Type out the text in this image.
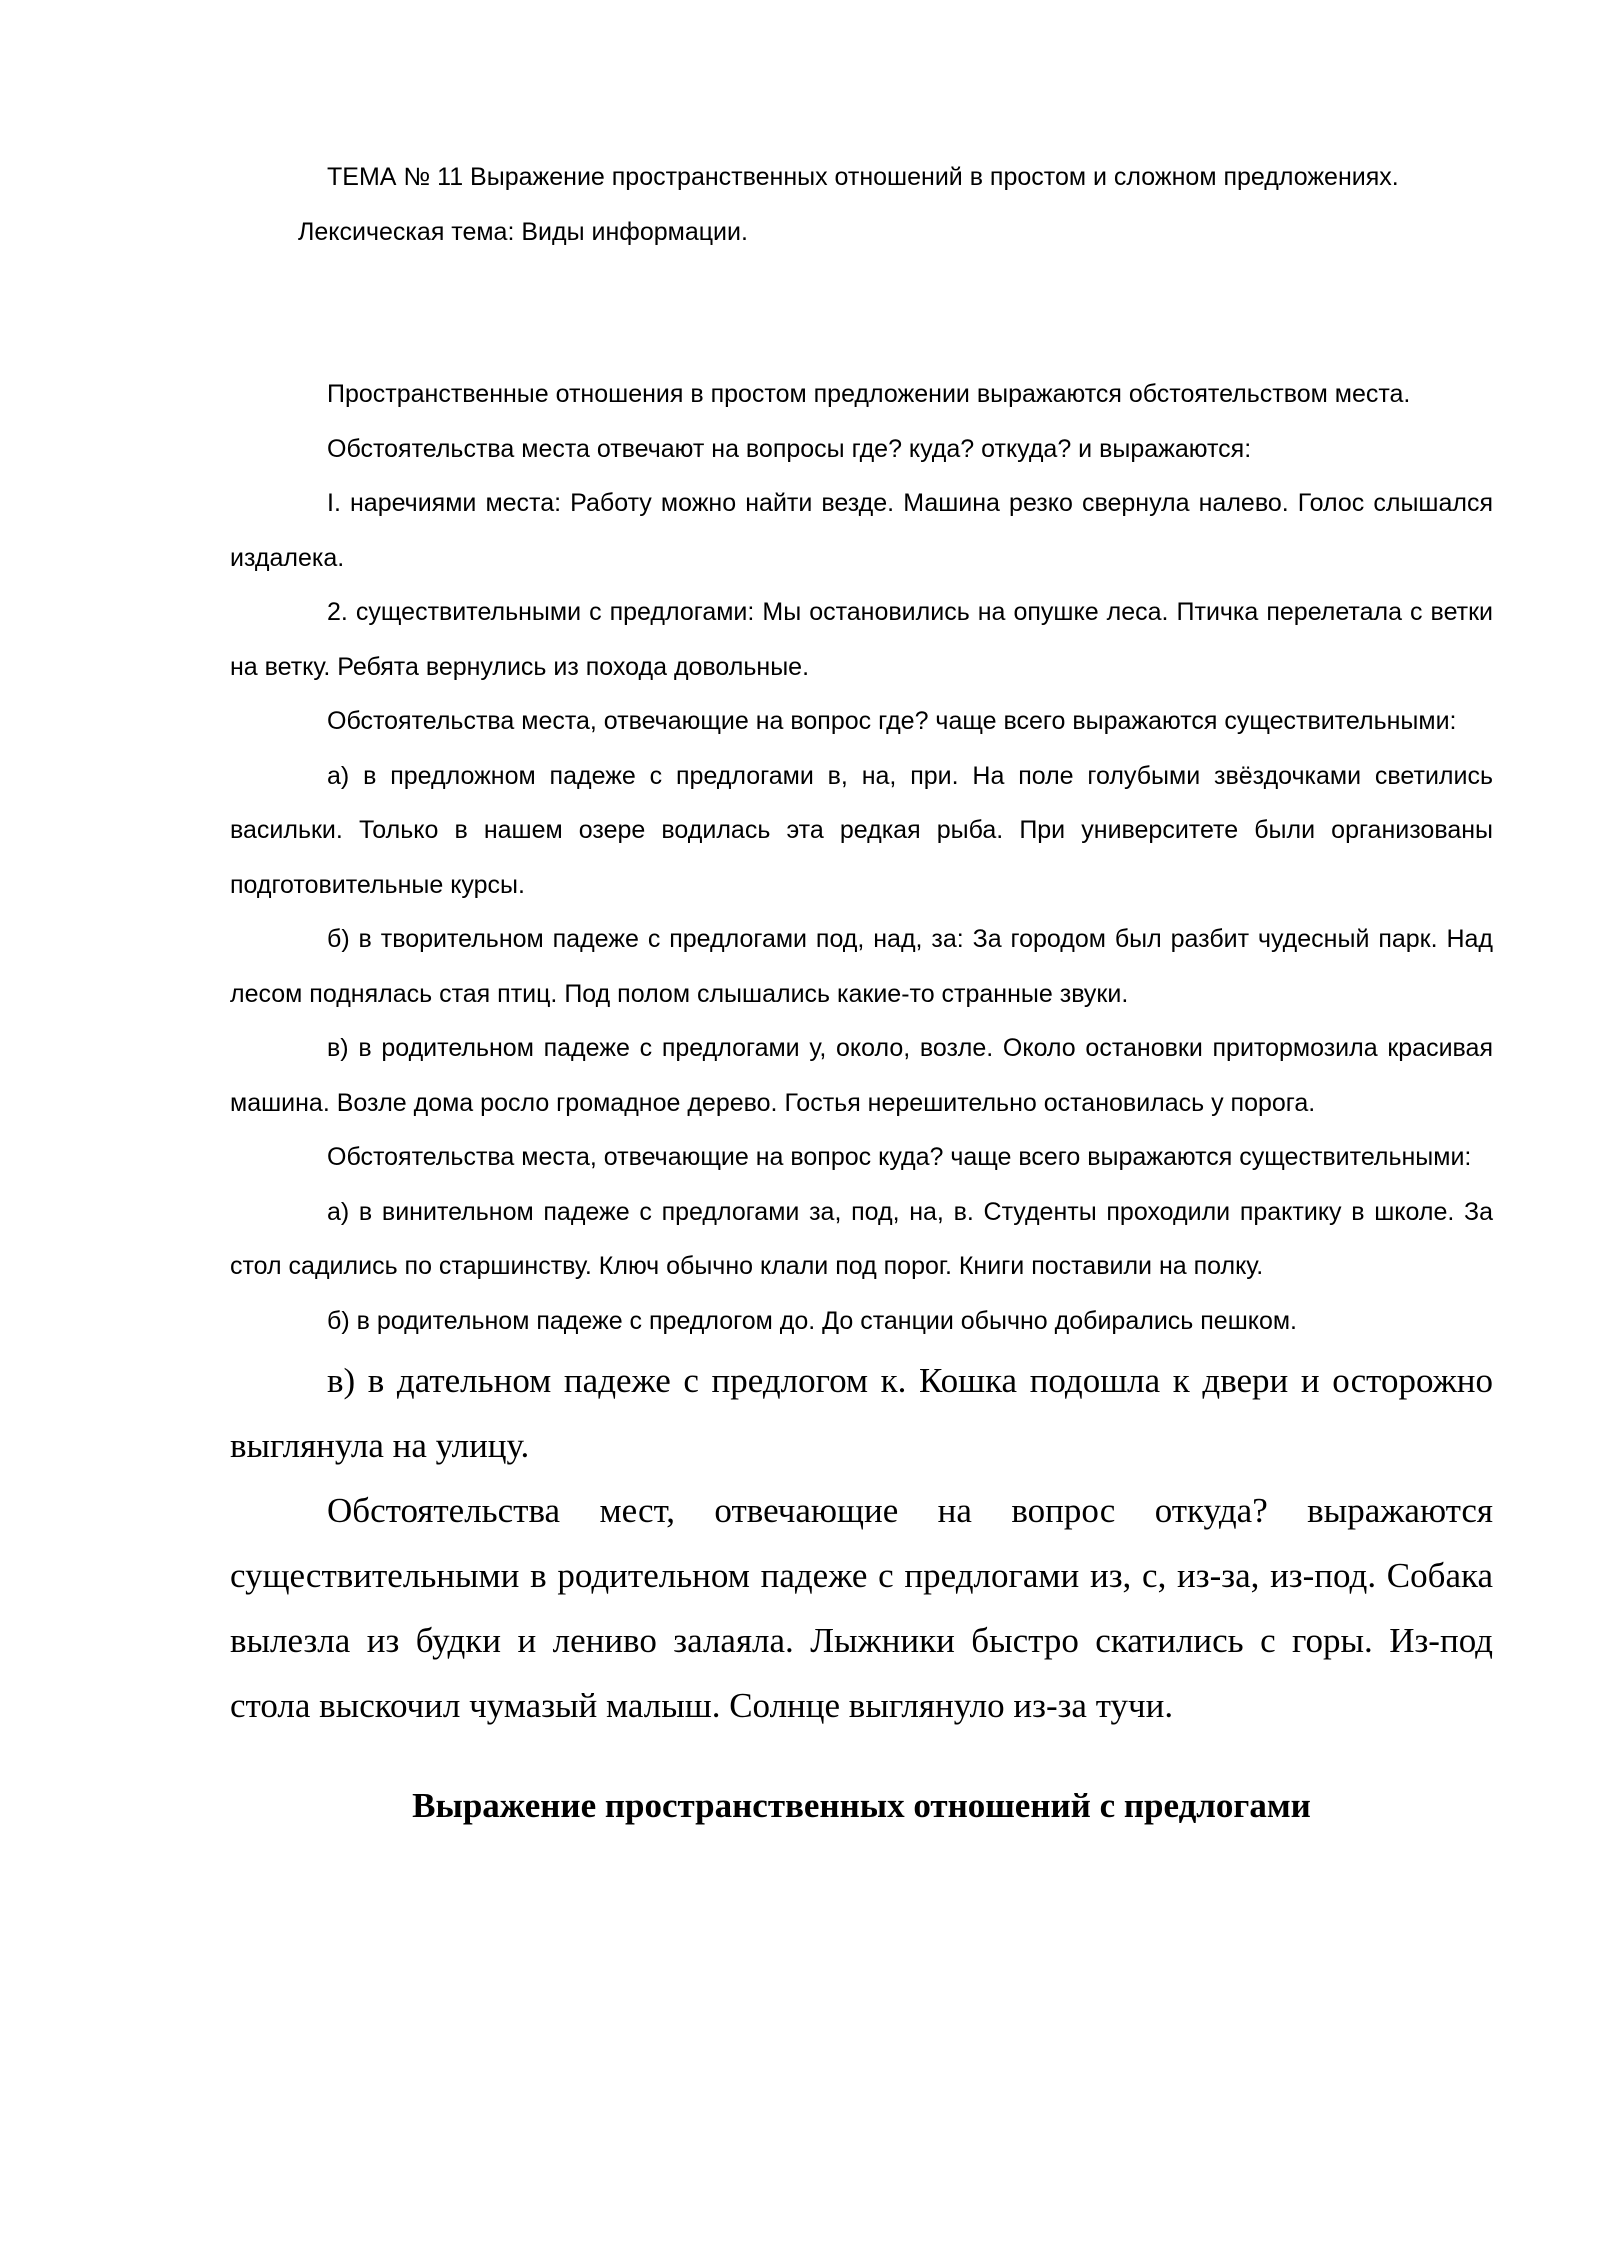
ТЕМА № 11 Выражение пространственных отношений в простом и сложном предложениях.

Лексическая тема: Виды информации.

Пространственные отношения в простом предложении выражаются обстоятельством места.

Обстоятельства места отвечают на вопросы где? куда? откуда? и выражаются:

I. наречиями места: Работу можно найти везде. Машина резко свернула налево. Голос слышался издалека.

2. существительными с предлогами: Мы остановились на опушке леса. Птичка перелетала с ветки на ветку. Ребята вернулись из похода довольные.

Обстоятельства места, отвечающие на вопрос где? чаще всего выражаются существительными:

а) в предложном падеже с предлогами в, на, при. На поле голубыми звёздочками светились васильки. Только в нашем озере водилась эта редкая рыба. При университете были организованы подготовительные курсы.

б) в творительном падеже с предлогами под, над, за: За городом был разбит чудесный парк. Над лесом поднялась стая птиц. Под полом слышались какие-то странные звуки.

в) в родительном падеже с предлогами у, около, возле. Около остановки притормозила красивая машина. Возле дома росло громадное дерево. Гостья нерешительно остановилась у порога.

Обстоятельства места, отвечающие на вопрос куда? чаще всего выражаются существительными:

а) в винительном падеже с предлогами за, под, на, в. Студенты проходили практику в школе. За стол садились по старшинству. Ключ обычно клали под порог. Книги поставили на полку.

б) в родительном падеже с предлогом до. До станции обычно добирались пешком.

в) в дательном падеже с предлогом к. Кошка подошла к двери и осторожно выглянула на улицу.

Обстоятельства мест, отвечающие на вопрос откуда? выражаются существительными в родительном падеже с предлогами из, с, из-за, из-под. Собака вылезла из будки и лениво залаяла. Лыжники быстро скатились с горы. Из-под стола выскочил чумазый малыш. Солнце выглянуло из-за тучи.

Выражение пространственных отношений с предлогами
